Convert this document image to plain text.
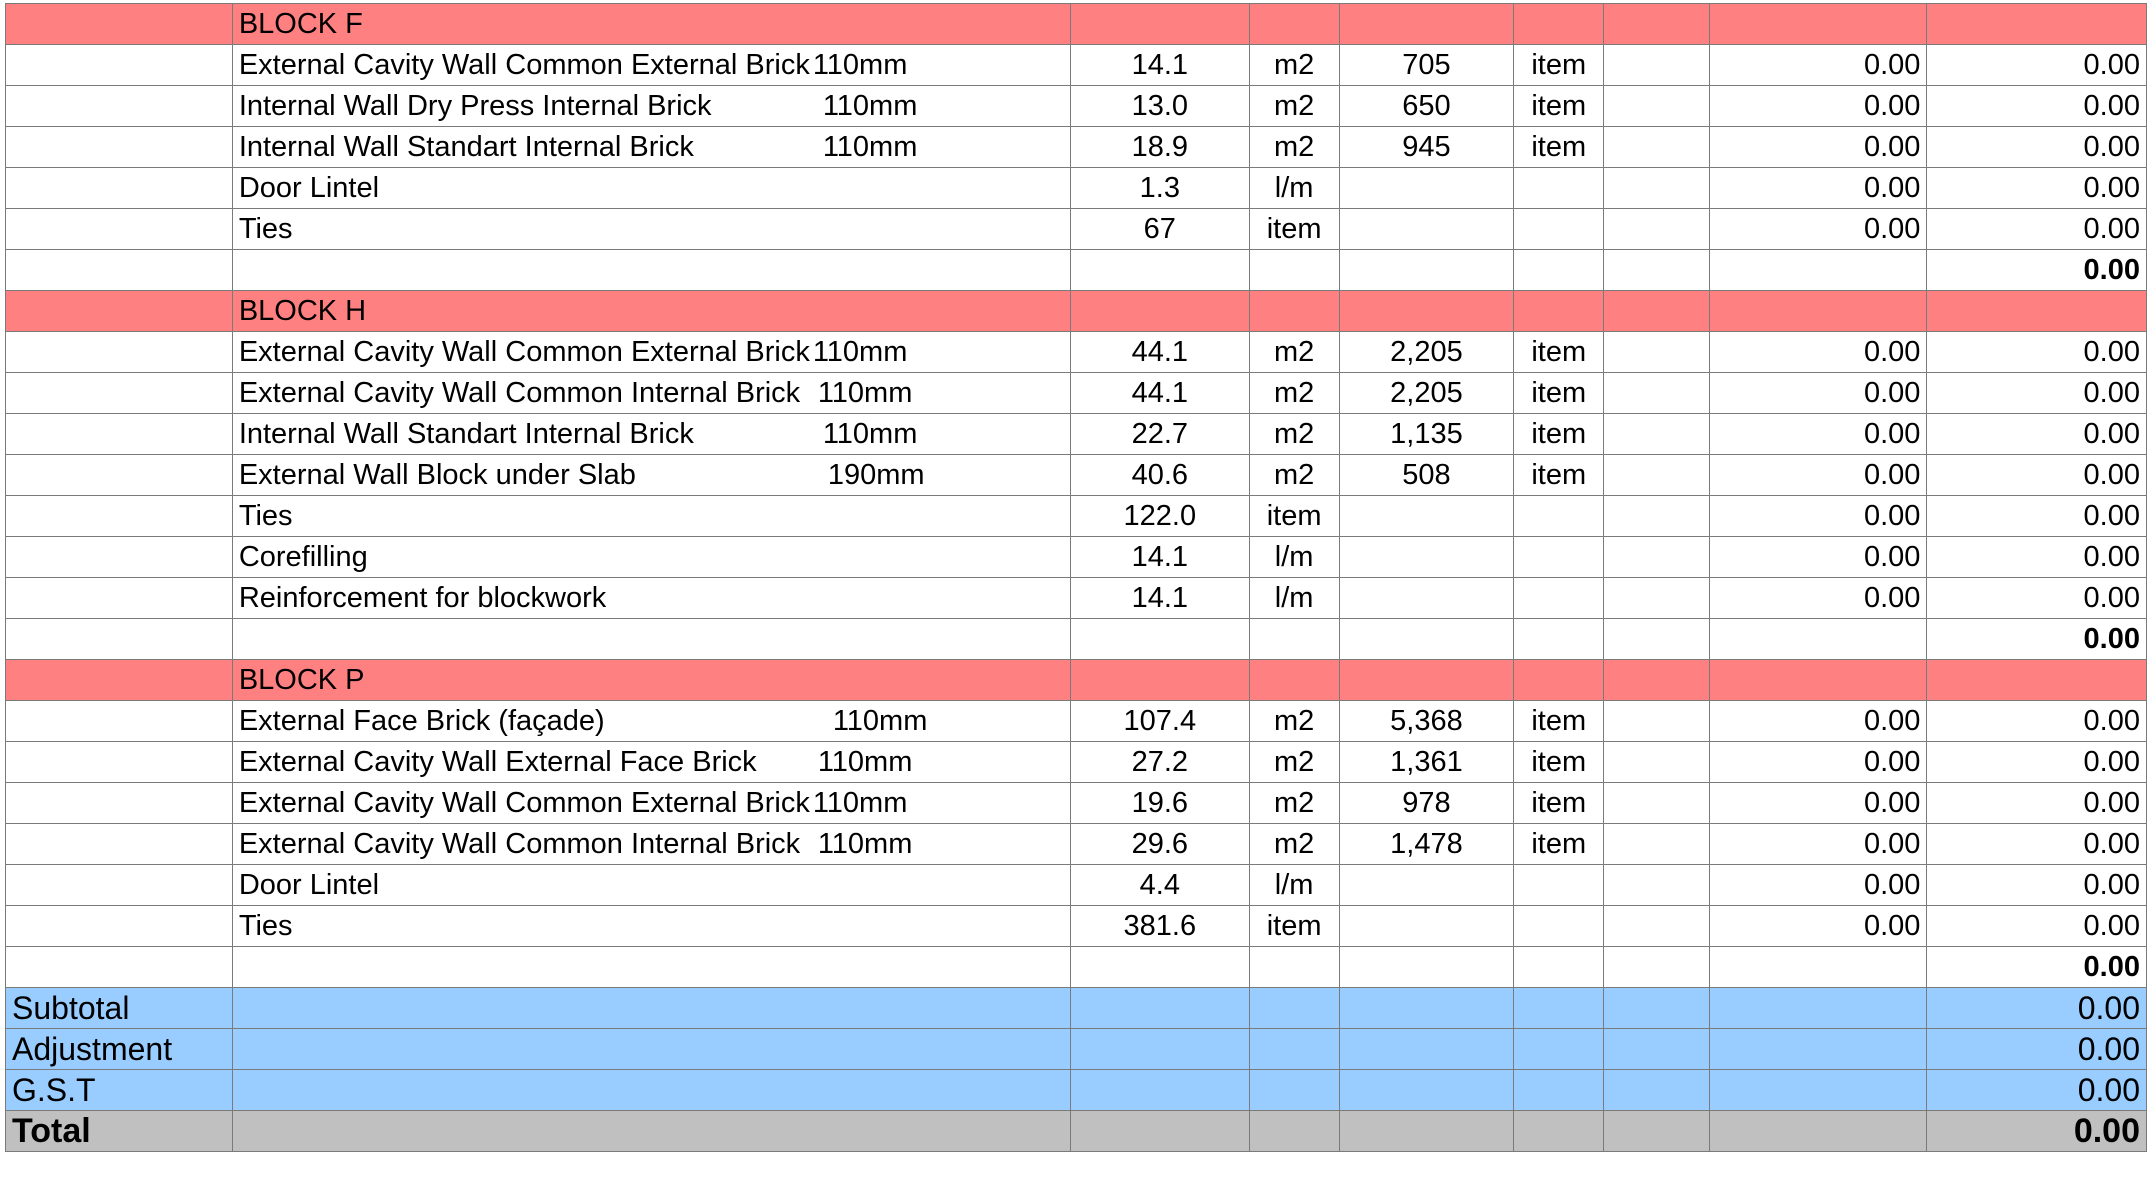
	BLOCK F							
	External Cavity Wall Common External Brick 110mm	14.1	m2	705	item		0.00	0.00
	Internal Wall Dry Press Internal Brick 110mm	13.0	m2	650	item		0.00	0.00
	Internal Wall Standart Internal Brick 110mm	18.9	m2	945	item		0.00	0.00
	Door Lintel	1.3	l/m				0.00	0.00
	Ties	67	item				0.00	0.00
								0.00
	BLOCK H							
	External Cavity Wall Common External Brick 110mm	44.1	m2	2,205	item		0.00	0.00
	External Cavity Wall Common Internal Brick 110mm	44.1	m2	2,205	item		0.00	0.00
	Internal Wall Standart Internal Brick 110mm	22.7	m2	1,135	item		0.00	0.00
	External Wall Block under Slab 190mm	40.6	m2	508	item		0.00	0.00
	Ties	122.0	item				0.00	0.00
	Corefilling	14.1	l/m				0.00	0.00
	Reinforcement for blockwork	14.1	l/m				0.00	0.00
								0.00
	BLOCK P							
	External Face Brick (façade) 110mm	107.4	m2	5,368	item		0.00	0.00
	External Cavity Wall External Face Brick 110mm	27.2	m2	1,361	item		0.00	0.00
	External Cavity Wall Common External Brick 110mm	19.6	m2	978	item		0.00	0.00
	External Cavity Wall Common Internal Brick 110mm	29.6	m2	1,478	item		0.00	0.00
	Door Lintel	4.4	l/m				0.00	0.00
	Ties	381.6	item				0.00	0.00
								0.00
Subtotal								0.00
Adjustment								0.00
G.S.T								0.00
Total								0.00
